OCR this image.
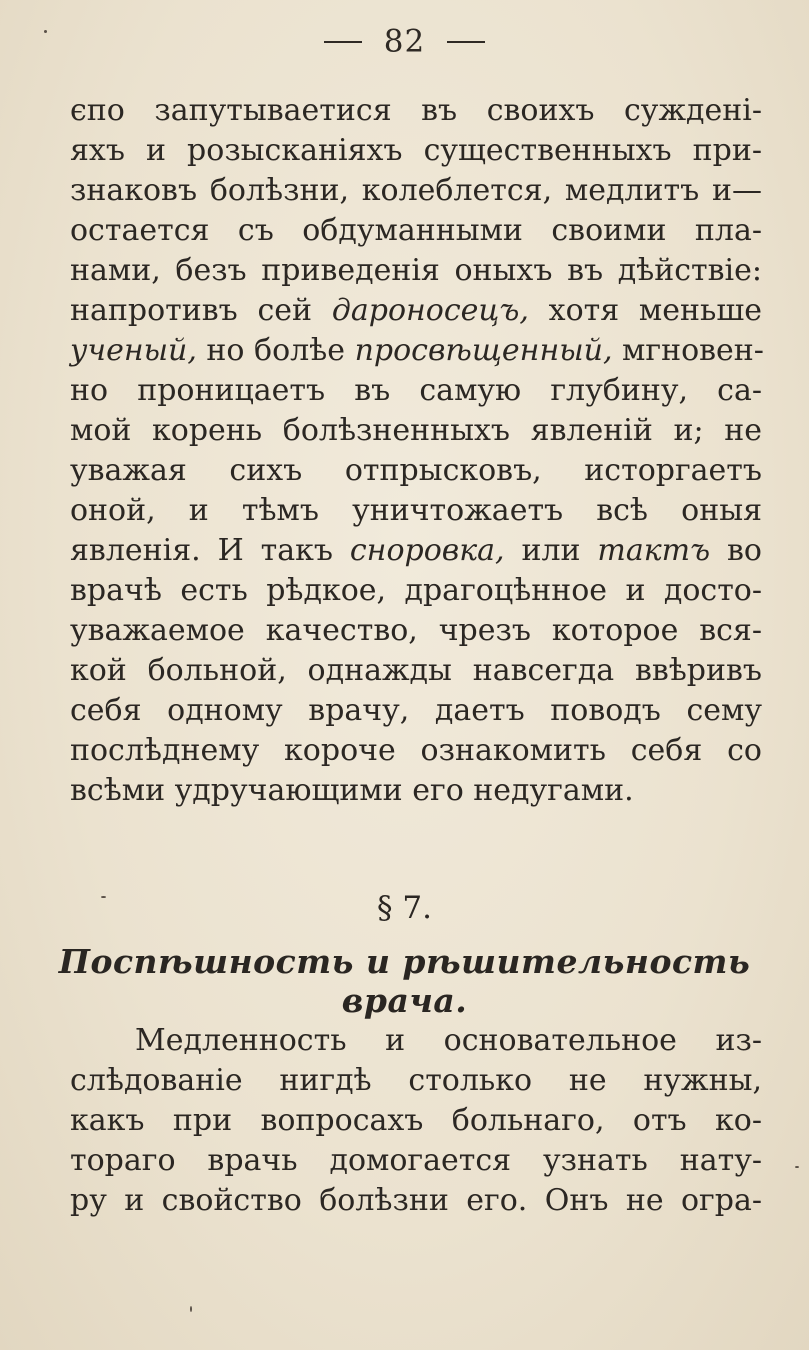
82
єпо запутываетися въ своихъ сужденi-
яхъ и розысканiяхъ существенныхъ при-
знаковъ болѣзни, колеблется, медлитъ и—
остается съ обдуманными своими пла-
нами, безъ приведенiя оныхъ въ дѣйствiе:
напротивъ сей дароносецъ, хотя меньше
ученый, но болѣе просвѣщенный, мгновен-
но проницаетъ въ самую глубину, са-
мой корень болѣзненныхъ явленiй и; не
уважая сихъ отпрысковъ, исторгаетъ
оной, и тѣмъ уничтожаетъ всѣ оныя
явленiя. И такъ сноровка, или тактъ во
врачѣ есть рѣдкое, драгоцѣнное и досто-
уважаемое качество, чрезъ которое вся-
кой больной, однажды навсегда ввѣривъ
себя одному врачу, даетъ поводъ сему
послѣднему короче ознакомить себя со
всѣми удручающими его недугами.
§ 7.
Поспѣшность и рѣшительность врача.
Медленность и основательное из-
слѣдованiе нигдѣ столько не нужны,
какъ при вопросахъ больнаго, отъ ко-
тораго врачь домогается узнать нату-
ру и свойство болѣзни его. Онъ не огра-
